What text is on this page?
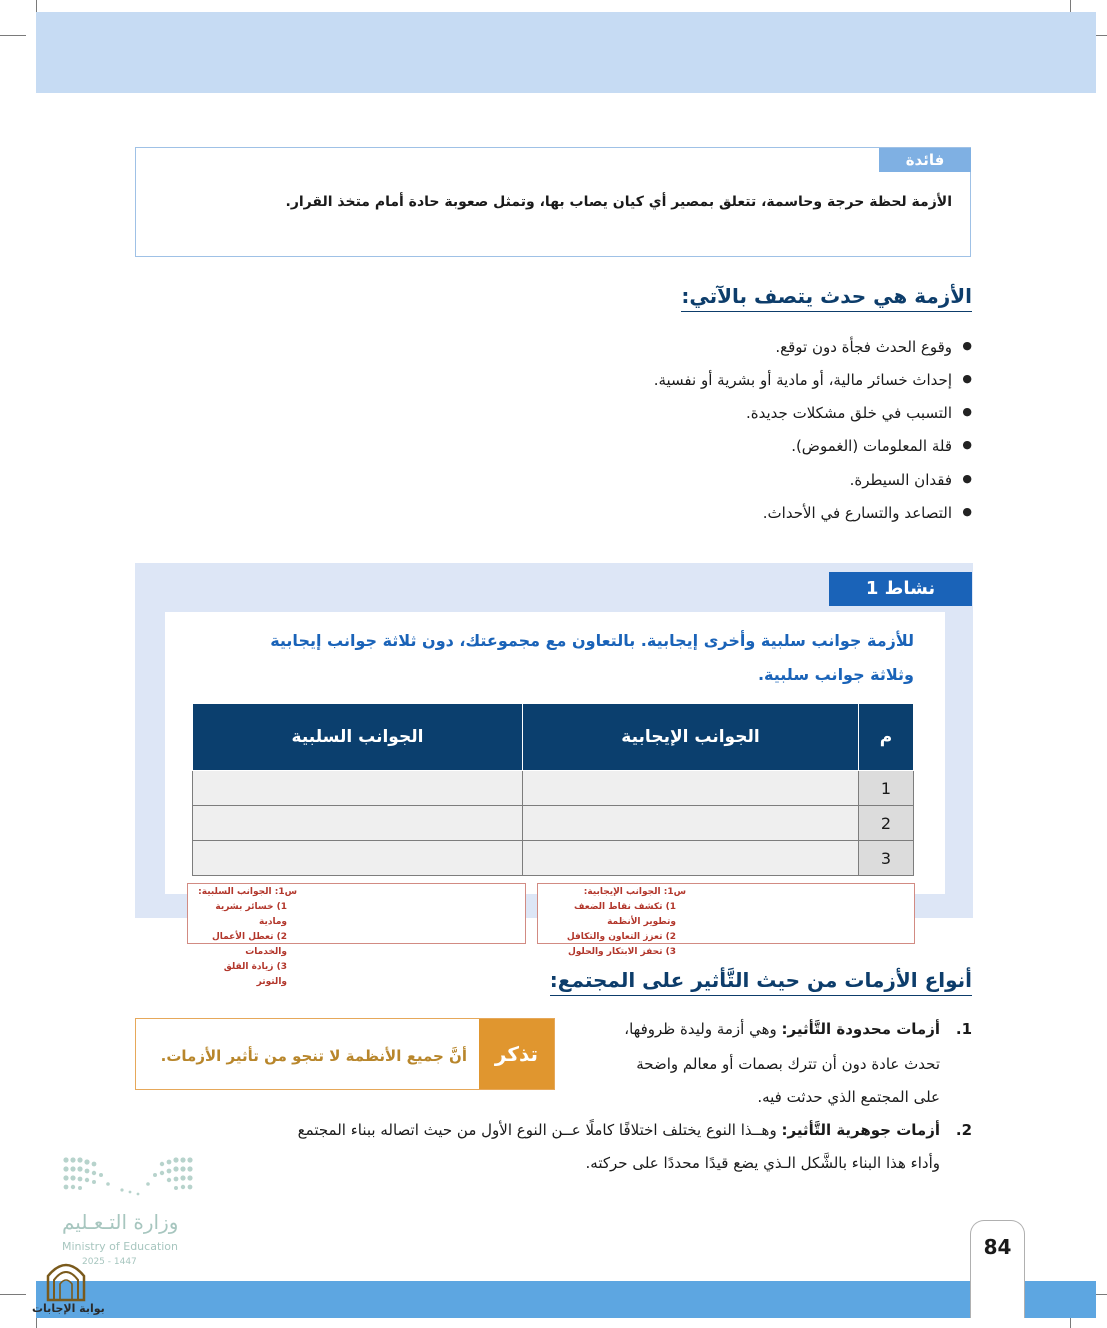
فائدة
الأزمة لحظة حرجة وحاسمة، تتعلق بمصير أي كيان يصاب بها، وتمثل صعوبة حادة أمام متخذ القرار.
الأزمة هي حدث يتصف بالآتي:
وقوع الحدث فجأة دون توقع. ●
إحداث خسائر مالية، أو مادية أو بشرية أو نفسية. ●
التسبب في خلق مشكلات جديدة. ●
قلة المعلومات (الغموض). ●
فقدان السيطرة. ●
التصاعد والتسارع في الأحداث. ●
نشاط 1
للأزمة جوانب سلبية وأخرى إيجابية. بالتعاون مع مجموعتك، دون ثلاثة جوانب إيجابية
وثلاثة جوانب سلبية.
م	الجوانب الإيجابية	الجوانب السلبية
1		
2		
3		
س1: الجوانب الإيجابية:
1) تكشف نقاط الضعف وتطوير الأنظمة
2) تعزز التعاون والتكافل
3) تحفز الابتكار والحلول
س1: الجوانب السلبية:
1) خسائر بشرية ومادية
2) تعطل الأعمال والخدمات
3) زيادة القلق والتوتر	أنواع الأزمات من حيث التَّأثير على المجتمع:
1.
أزمات محدودة التَّأثير: وهي أزمة وليدة ظروفها،
تحدث عادة دون أن تترك بصمات أو معالم واضحة
على المجتمع الذي حدثت فيه.
2.
أزمات جوهرية التَّأثير: وهــذا النوع يختلف اختلافًا كاملًا عــن النوع الأول من حيث اتصاله ببناء المجتمع
وأداء هذا البناء بالشَّكل الـذي يضع قيدًا محددًا على حركته.
تذكر
أنَّ جميع الأنظمة لا تنجو من تأثير الأزمات.
وزارة التـعـليم
Ministry of Education
2025 - 1447
84
بوابة الإجابات
